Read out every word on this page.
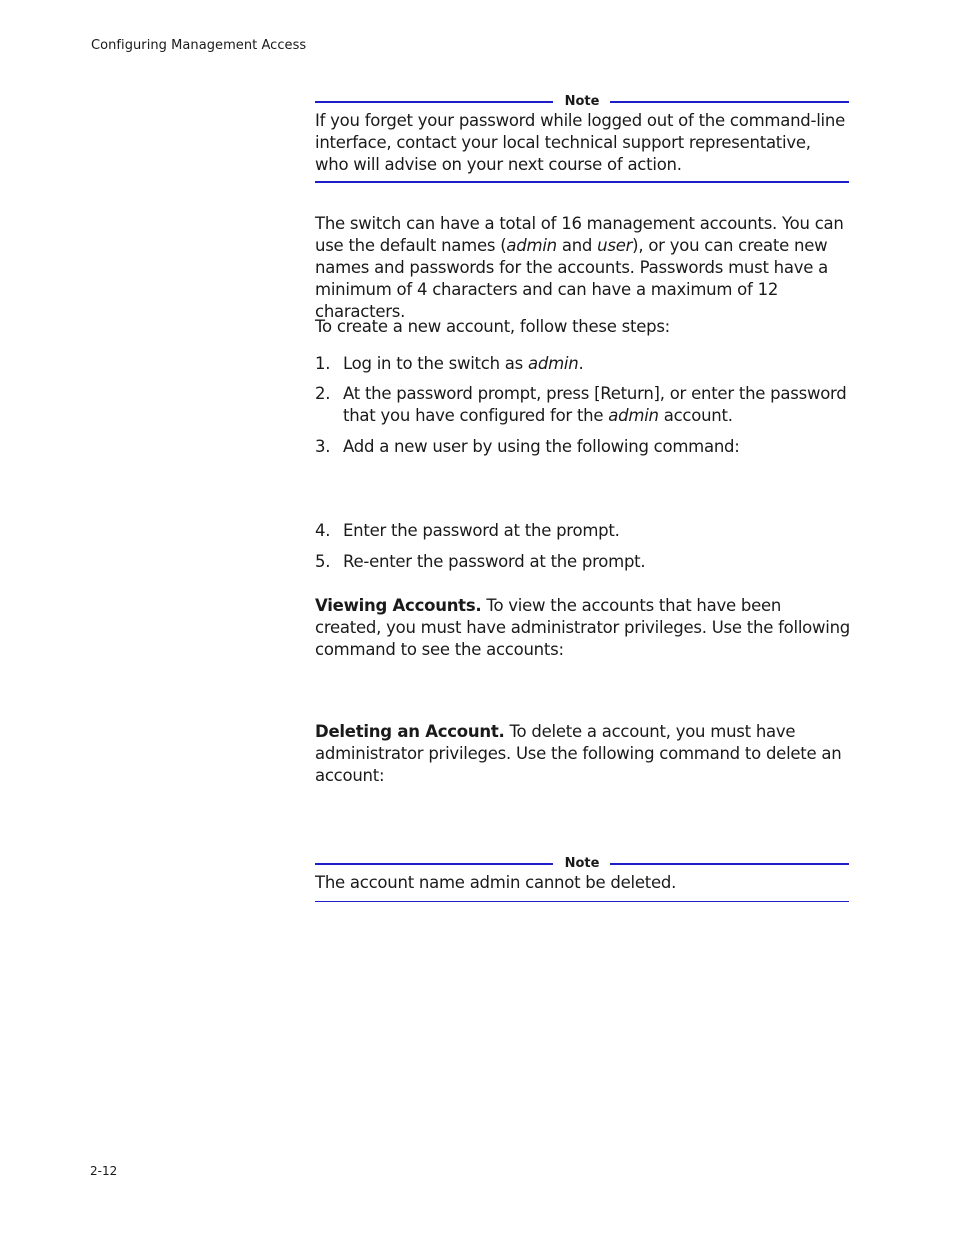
Configuring Management Access
Note
If you forget your password while logged out of the command-line interface, contact your local technical support representative, who will advise on your next course of action.

The switch can have a total of 16 management accounts. You can use the default names (admin and user), or you can create new names and passwords for the accounts. Passwords must have a minimum of 4 characters and can have a maximum of 12 characters.

To create a new account, follow these steps:

1. Log in to the switch as admin.
2. At the password prompt, press [Return], or enter the password that you have configured for the admin account.
3. Add a new user by using the following command:
4. Enter the password at the prompt.
5. Re-enter the password at the prompt.

Viewing Accounts. To view the accounts that have been created, you must have administrator privileges. Use the following command to see the accounts:

Deleting an Account. To delete a account, you must have administrator privileges. Use the following command to delete an account:

Note
The account name admin cannot be deleted.
2-12
